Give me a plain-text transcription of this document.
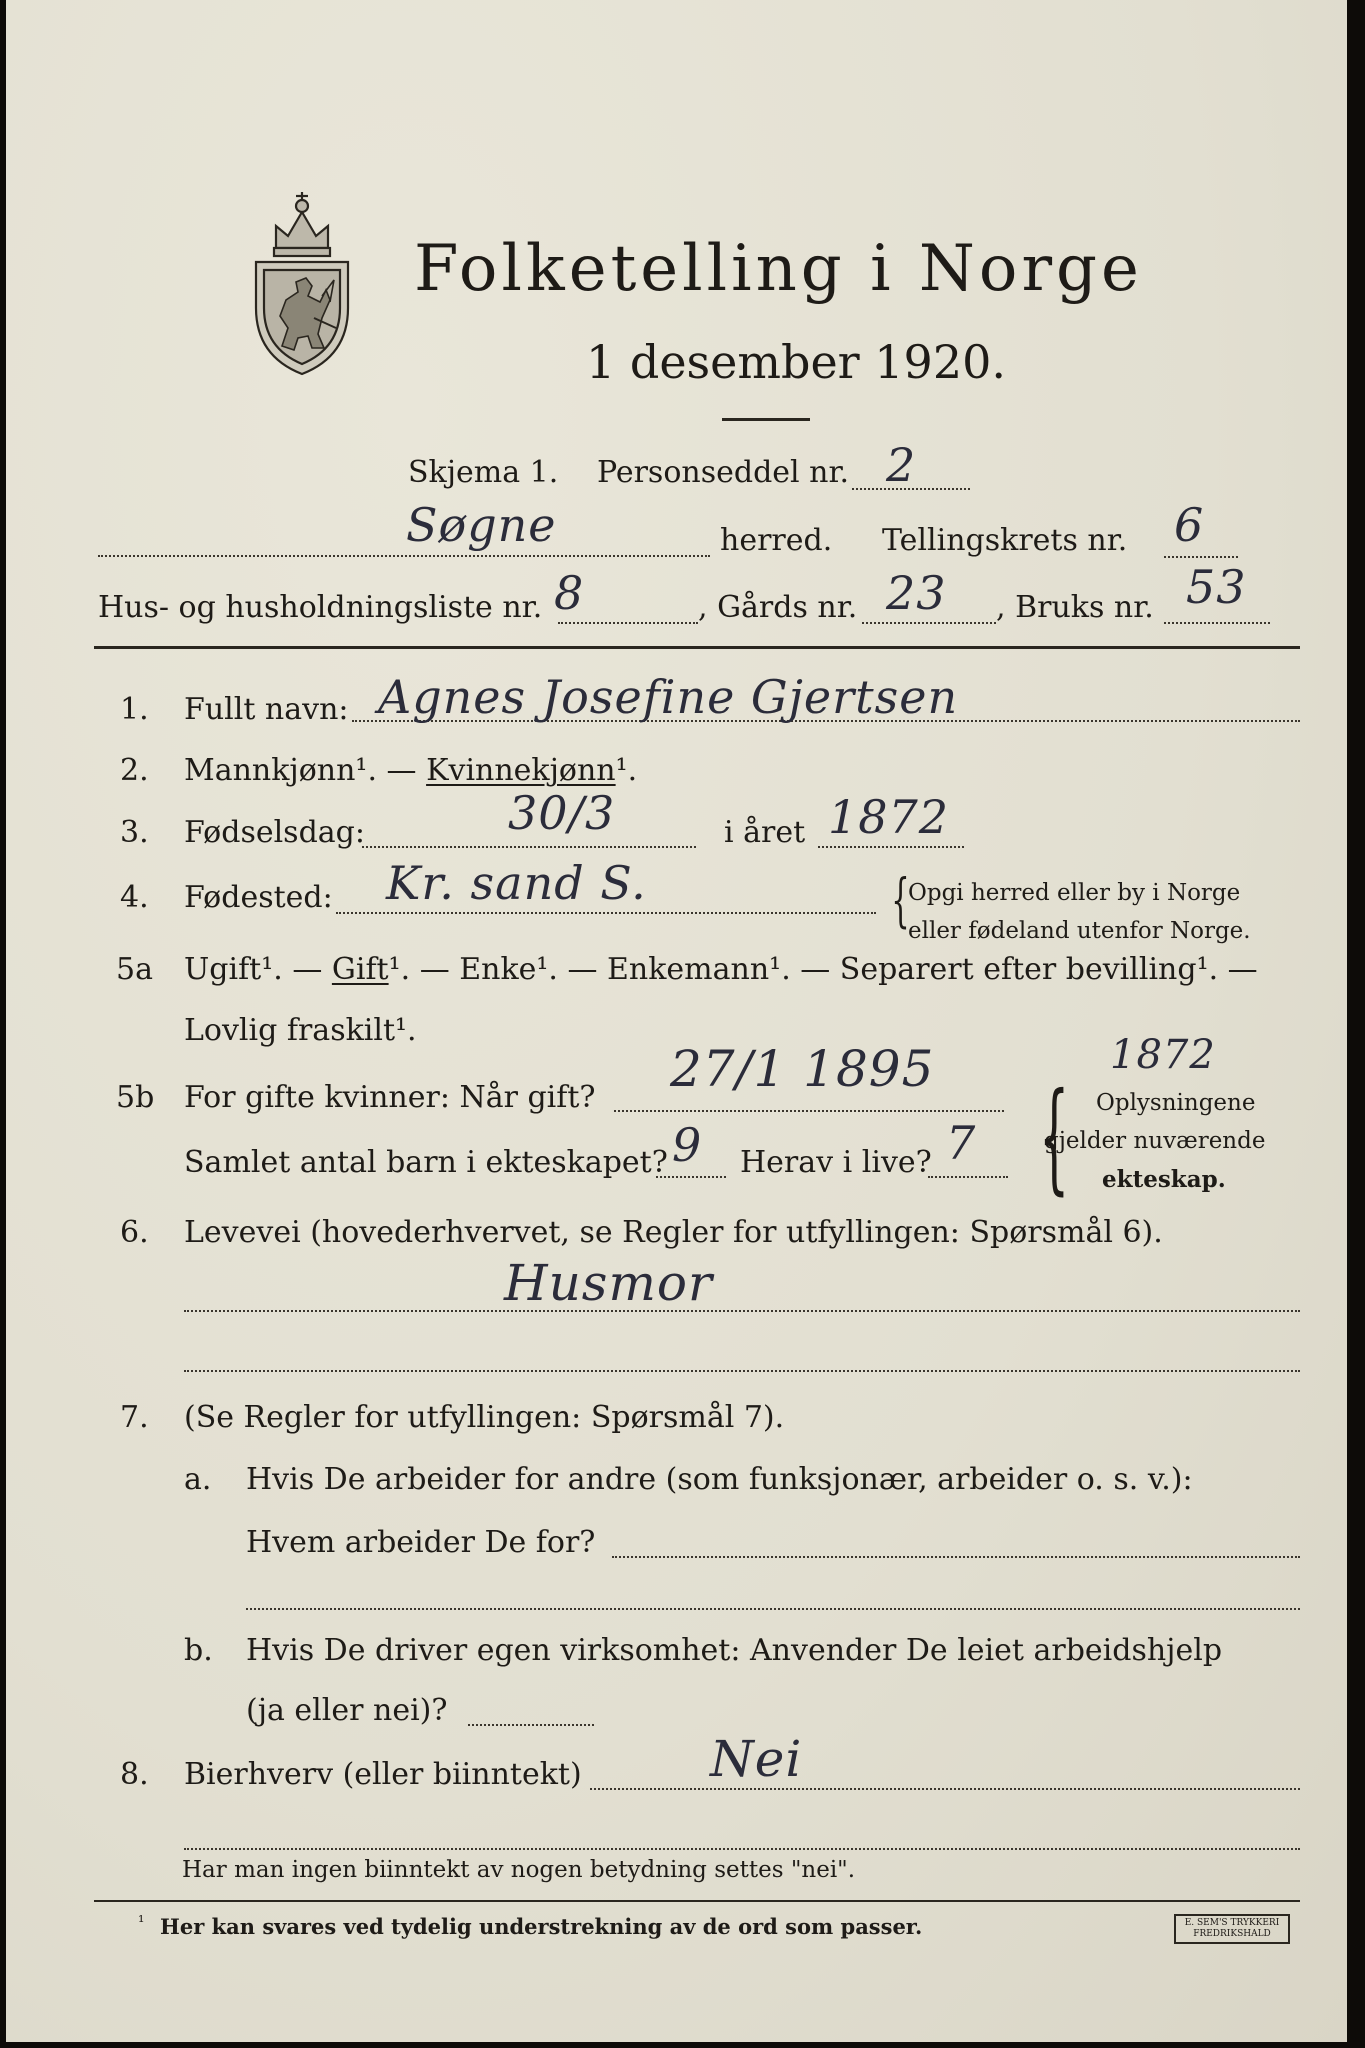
Folketelling i Norge
1 desember 1920.
Skjema 1. Personseddel nr. 2
Søgne	herred. Tellingskrets nr. 6
Hus- og husholdningsliste nr. 8	, Gårds nr. 23 , Bruks nr. 53
1. Fullt navn: Agnes Josefine Gjertsen
2. Mannkjønn¹. — Kvinnekjønn¹.
3. Fødselsdag:	30/3	i året 1872
4. Fødested: Kr. sand S.	{
Opgi herred eller by i Norge
eller fødeland utenfor Norge.
5a Ugift¹. — Gift¹. — Enke¹. — Enkemann¹. — Separert efter bevilling¹. —
Lovlig fraskilt¹.
5b For gifte kvinner: Når gift? 27/1 1895	1872
Samlet antal barn i ekteskapet? 9 Herav i live? 7 { Oplysningene
gjelder nuværende
ekteskap.
6. Levevei (hovederhvervet, se Regler for utfyllingen: Spørsmål 6).
Husmor
7. (Se Regler for utfyllingen: Spørsmål 7).
a. Hvis De arbeider for andre (som funksjonær, arbeider o. s. v.):
Hvem arbeider De for?
b. Hvis De driver egen virksomhet: Anvender De leiet arbeidshjelp
(ja eller nei)?
8. Bierhverv (eller biinntekt)	Nei
Har man ingen biinntekt av nogen betydning settes "nei".
¹ Her kan svares ved tydelig understrekning av de ord som passer.	E. SEM'S TRYKKERI
FREDRIKSHALD
